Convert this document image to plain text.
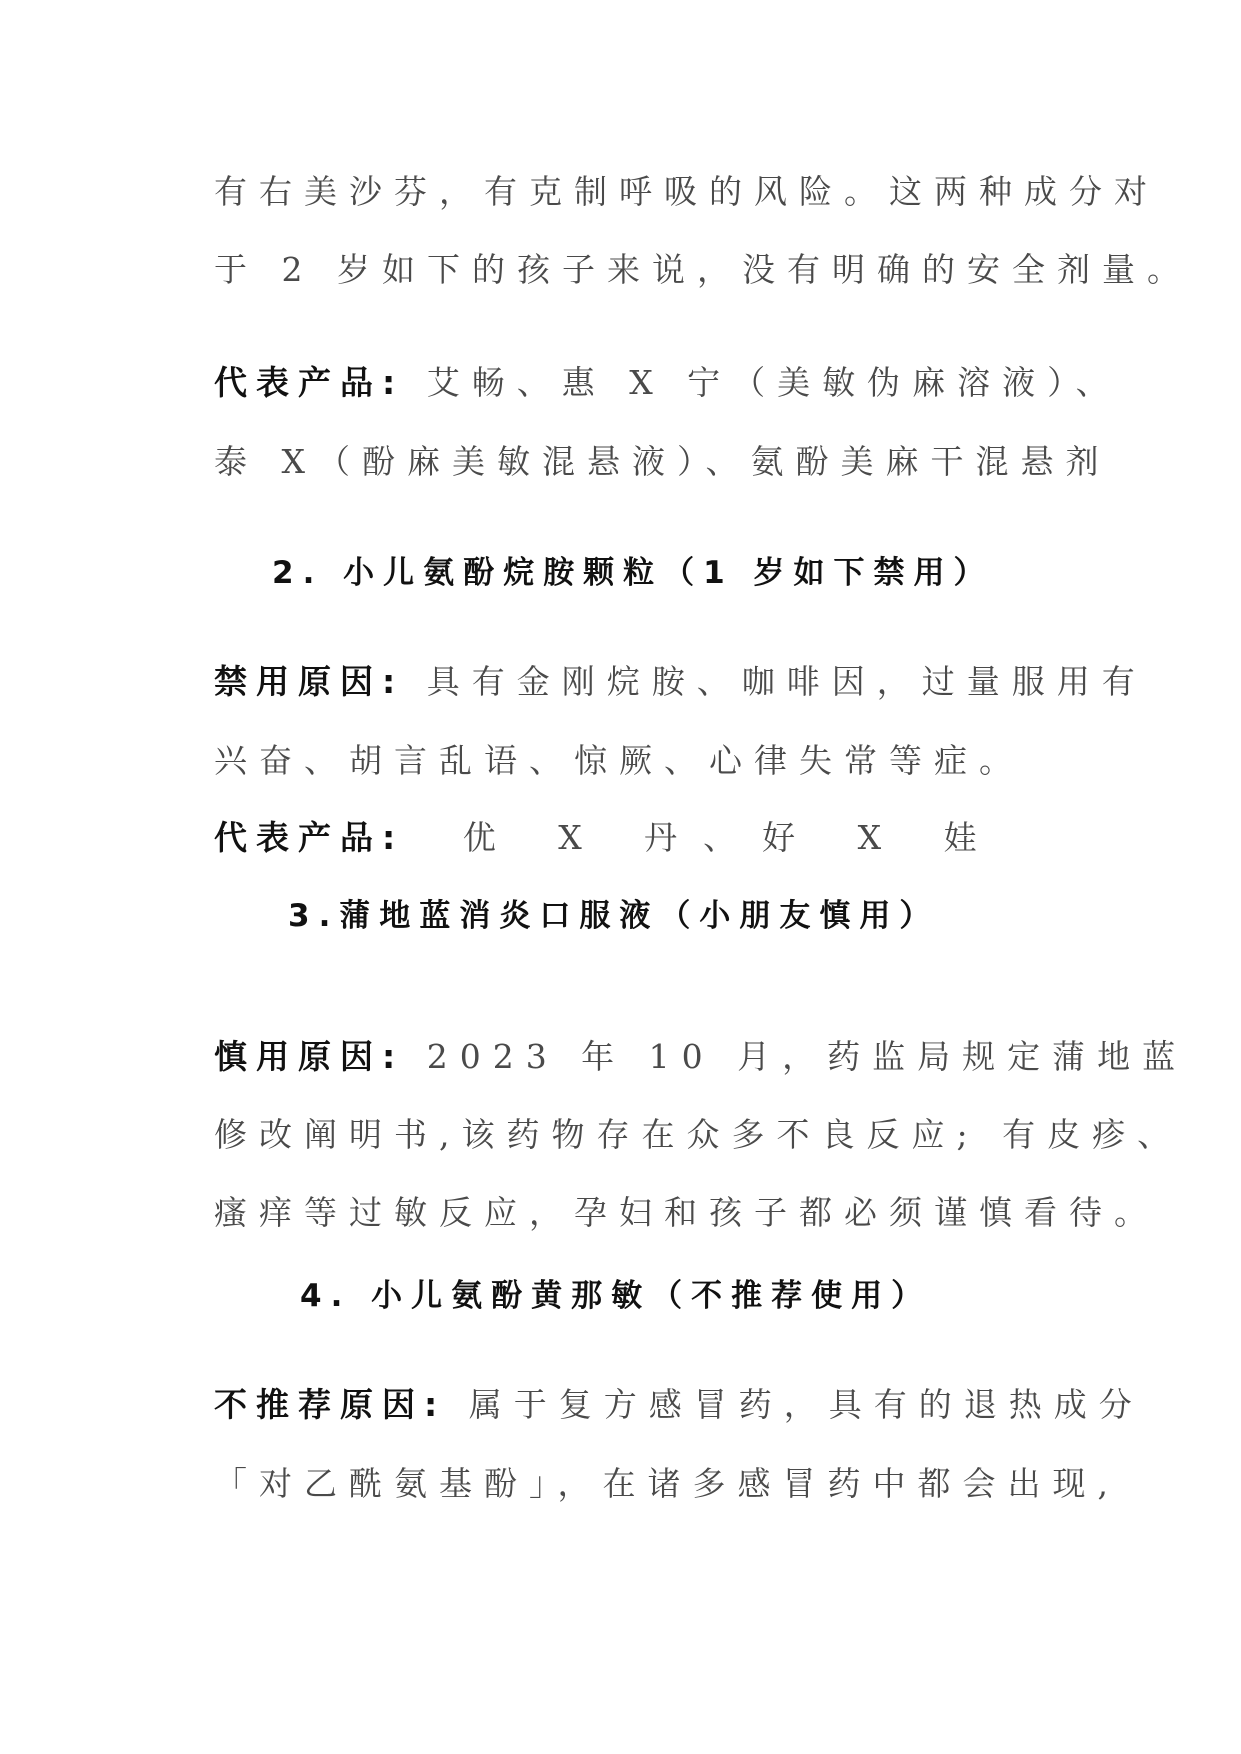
有右美沙芬，有克制呼吸的风险。这两种成分对
于 2 岁如下的孩子来说，没有明确的安全剂量。
代表产品: 艾畅、惠 X 宁（美敏伪麻溶液）、
泰 X（酚麻美敏混悬液）、氨酚美麻干混悬剂
2. 小儿氨酚烷胺颗粒（1 岁如下禁用）
禁用原因: 具有金刚烷胺、咖啡因，过量服用有
兴奋、胡言乱语、惊厥、心律失常等症。
代表产品: 优 X 丹、好 X 娃
3.蒲地蓝消炎口服液（小朋友慎用）
慎用原因: 2023 年 10 月，药监局规定蒲地蓝
修改阐明书,该药物存在众多不良反应; 有皮疹、
瘙痒等过敏反应，孕妇和孩子都必须谨慎看待。
4. 小儿氨酚黄那敏（不推荐使用）
不推荐原因: 属于复方感冒药，具有的退热成分
「对乙酰氨基酚」，在诸多感冒药中都会出现,
